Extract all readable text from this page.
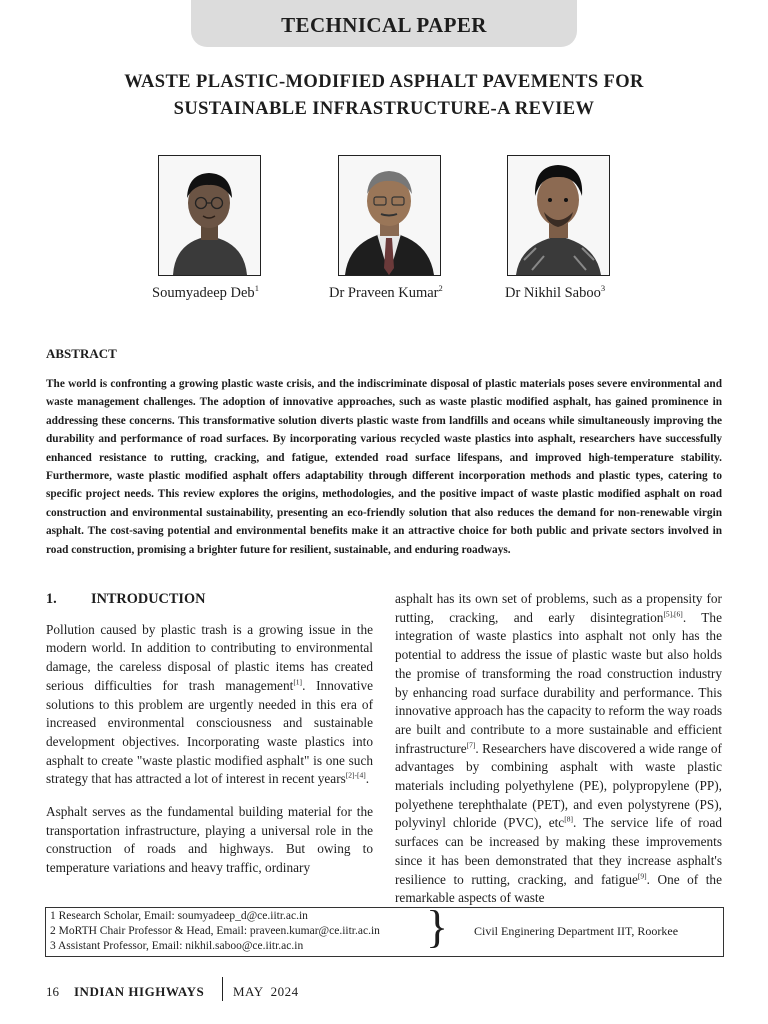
TECHNICAL PAPER
WASTE PLASTIC-MODIFIED ASPHALT PAVEMENTS FOR
SUSTAINABLE INFRASTRUCTURE-A REVIEW
Soumyadeep Deb$^1$	Dr Praveen Kumar$^2$	Dr Nikhil Saboo$^3$
ABSTRACT
The world is confronting a growing plastic waste crisis, and the indiscriminate disposal of plastic materials poses severe environmental and waste management challenges. The adoption of innovative approaches, such as waste plastic modified asphalt, has gained prominence in addressing these concerns. This transformative solution diverts plastic waste from landfills and oceans while simultaneously improving the durability and performance of road surfaces. By incorporating various recycled waste plastics into asphalt, researchers have successfully enhanced resistance to rutting, cracking, and fatigue, extended road surface lifespans, and improved high-temperature stability. Furthermore, waste plastic modified asphalt offers adaptability through different incorporation methods and plastic types, catering to specific project needs. This review explores the origins, methodologies, and the positive impact of waste plastic modified asphalt on road construction and environmental sustainability, presenting an eco-friendly solution that also reduces the demand for non-renewable virgin asphalt. The cost-saving potential and environmental benefits make it an attractive choice for both public and private sectors involved in road construction, promising a brighter future for resilient, sustainable, and enduring roadways.
1. INTRODUCTION

Pollution caused by plastic trash is a growing issue in the modern world. In addition to contributing to environmental damage, the careless disposal of plastic items has created serious difficulties for trash management[1]. Innovative solutions to this problem are urgently needed in this era of increased environmental consciousness and sustainable development objectives. Incorporating waste plastics into asphalt to create "waste plastic modified asphalt" is one such strategy that has attracted a lot of interest in recent years[2]-[4].

Asphalt serves as the fundamental building material for the transportation infrastructure, playing a universal role in the construction of roads and highways. But owing to temperature variations and heavy traffic, ordinary

asphalt has its own set of problems, such as a propensity for rutting, cracking, and early disintegration[5],[6]. The integration of waste plastics into asphalt not only has the potential to address the issue of plastic waste but also holds the promise of transforming the road construction industry by enhancing road surface durability and performance. This innovative approach has the capacity to reform the way roads are built and contribute to a more sustainable and efficient infrastructure[7]. Researchers have discovered a wide range of advantages by combining asphalt with waste plastic materials including polyethylene (PE), polypropylene (PP), polyethene terephthalate (PET), and even polystyrene (PS), polyvinyl chloride (PVC), etc[8]. The service life of road surfaces can be increased by making these improvements since it has been demonstrated that they increase asphalt's resilience to rutting, cracking, and fatigue[9]. One of the remarkable aspects of waste

1 Research Scholar, Email: soumyadeep_d@ce.iitr.ac.in
2 MoRTH Chair Professor & Head, Email: praveen.kumar@ce.iitr.ac.in
3 Assistant Professor, Email: nikhil.saboo@ce.iitr.ac.in	} Civil Enginering Department IIT, Roorkee
16 INDIAN HIGHWAYS MAY  2024
